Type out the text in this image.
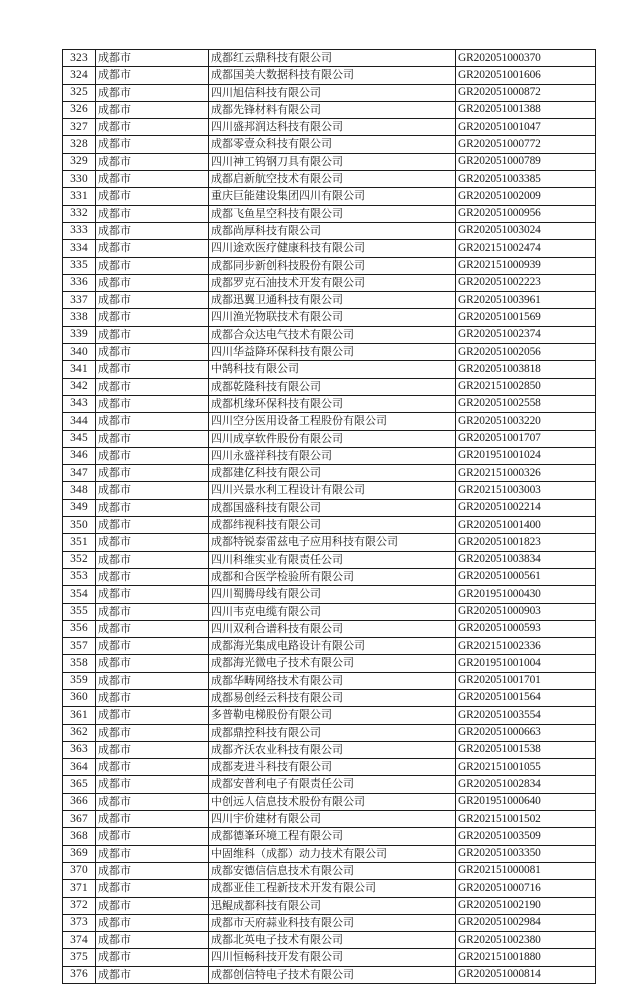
323	成都市	成都红云鼎科技有限公司	GR202051000370
324	成都市	成都国美大数据科技有限公司	GR202051001606
325	成都市	四川旭信科技有限公司	GR202051000872
326	成都市	成都先锋材料有限公司	GR202051001388
327	成都市	四川盛邦润达科技有限公司	GR202051001047
328	成都市	成都零壹众科技有限公司	GR202051000772
329	成都市	四川神工钨钢刀具有限公司	GR202051000789
330	成都市	成都启新航空技术有限公司	GR202051003385
331	成都市	重庆巨能建设集团四川有限公司	GR202051002009
332	成都市	成都飞鱼星空科技有限公司	GR202051000956
333	成都市	成都尚厚科技有限公司	GR202051003024
334	成都市	四川途欢医疗健康科技有限公司	GR202151002474
335	成都市	成都同步新创科技股份有限公司	GR202151000939
336	成都市	成都罗克石油技术开发有限公司	GR202051002223
337	成都市	成都迅翼卫通科技有限公司	GR202051003961
338	成都市	四川渔光物联技术有限公司	GR202051001569
339	成都市	成都合众达电气技术有限公司	GR202051002374
340	成都市	四川华益降环保科技有限公司	GR202051002056
341	成都市	中鹄科技有限公司	GR202051003818
342	成都市	成都乾隆科技有限公司	GR202151002850
343	成都市	成都机缘环保科技有限公司	GR202051002558
344	成都市	四川空分医用设备工程股份有限公司	GR202051003220
345	成都市	四川成享软件股份有限公司	GR202051001707
346	成都市	四川永盛祥科技有限公司	GR201951001024
347	成都市	成都建亿科技有限公司	GR202151000326
348	成都市	四川兴景水利工程设计有限公司	GR202151003003
349	成都市	成都国盛科技有限公司	GR202051002214
350	成都市	成都纬视科技有限公司	GR202051001400
351	成都市	成都特锐泰雷兹电子应用科技有限公司	GR202051001823
352	成都市	四川科维实业有限责任公司	GR202051003834
353	成都市	成都和合医学检验所有限公司	GR202051000561
354	成都市	四川蜀腾母线有限公司	GR201951000430
355	成都市	四川韦克电缆有限公司	GR202051000903
356	成都市	四川双利合谱科技有限公司	GR202051000593
357	成都市	成都海光集成电路设计有限公司	GR202151002336
358	成都市	成都海光微电子技术有限公司	GR201951001004
359	成都市	成都华畴网络技术有限公司	GR202051001701
360	成都市	成都易创经云科技有限公司	GR202051001564
361	成都市	多普勒电梯股份有限公司	GR202051003554
362	成都市	成都鼎控科技有限公司	GR202051000663
363	成都市	成都齐沃农业科技有限公司	GR202051001538
364	成都市	成都麦进斗科技有限公司	GR202151001055
365	成都市	成都安普利电子有限责任公司	GR202051002834
366	成都市	中创远人信息技术股份有限公司	GR201951000640
367	成都市	四川宇价建材有限公司	GR202151001502
368	成都市	成都德峯环境工程有限公司	GR202051003509
369	成都市	中固维科（成都）动力技术有限公司	GR202051003350
370	成都市	成都安德信信息技术有限公司	GR202151000081
371	成都市	成都亚佳工程新技术开发有限公司	GR202051000716
372	成都市	迅鲲成都科技有限公司	GR202051002190
373	成都市	成都市天府蒜业科技有限公司	GR202051002984
374	成都市	成都北英电子技术有限公司	GR202051002380
375	成都市	四川恒畅科技开发有限公司	GR202151001880
376	成都市	成都创信特电子技术有限公司	GR202051000814
